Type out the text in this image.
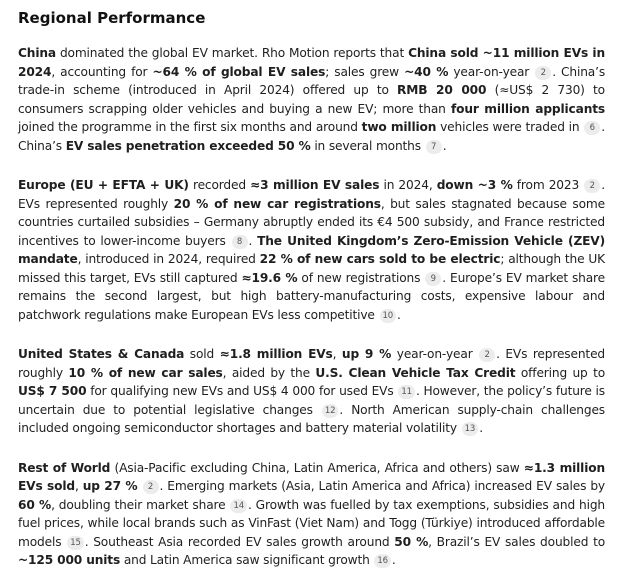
Regional Performance

China dominated the global EV market. Rho Motion reports that China sold ~11 million EVs in 2024, accounting for ~64 % of global EV sales; sales grew ~40 % year-on-year 2 . China’s trade-in scheme (introduced in April 2024) offered up to RMB 20 000 (≈US$ 2 730) to consumers scrapping older vehicles and buying a new EV; more than four million applicants joined the programme in the first six months and around two million vehicles were traded in 6 . China’s EV sales penetration exceeded 50 % in several months 7 .

Europe (EU + EFTA + UK) recorded ≈3 million EV sales in 2024, down ~3 % from 2023 2 . EVs represented roughly 20 % of new car registrations, but sales stagnated because some countries curtailed subsidies – Germany abruptly ended its €4 500 subsidy, and France restricted incentives to lower-income buyers 8 . The United Kingdom’s Zero-Emission Vehicle (ZEV) mandate, introduced in 2024, required 22 % of new cars sold to be electric; although the UK missed this target, EVs still captured ≈19.6 % of new registrations 9 . Europe’s EV market share remains the second largest, but high battery-manufacturing costs, expensive labour and patchwork regulations make European EVs less competitive 10 .

United States & Canada sold ≈1.8 million EVs, up 9 % year-on-year 2 . EVs represented roughly 10 % of new car sales, aided by the U.S. Clean Vehicle Tax Credit offering up to US$ 7 500 for qualifying new EVs and US$ 4 000 for used EVs 11 . However, the policy’s future is uncertain due to potential legislative changes 12 . North American supply-chain challenges included ongoing semiconductor shortages and battery material volatility 13 .

Rest of World (Asia-Pacific excluding China, Latin America, Africa and others) saw ≈1.3 million EVs sold, up 27 % 2 . Emerging markets (Asia, Latin America and Africa) increased EV sales by 60 %, doubling their market share 14 . Growth was fuelled by tax exemptions, subsidies and high fuel prices, while local brands such as VinFast (Viet Nam) and Togg (Türkiye) introduced affordable models 15 . Southeast Asia recorded EV sales growth around 50 %, Brazil’s EV sales doubled to ~125 000 units and Latin America saw significant growth 16 .
